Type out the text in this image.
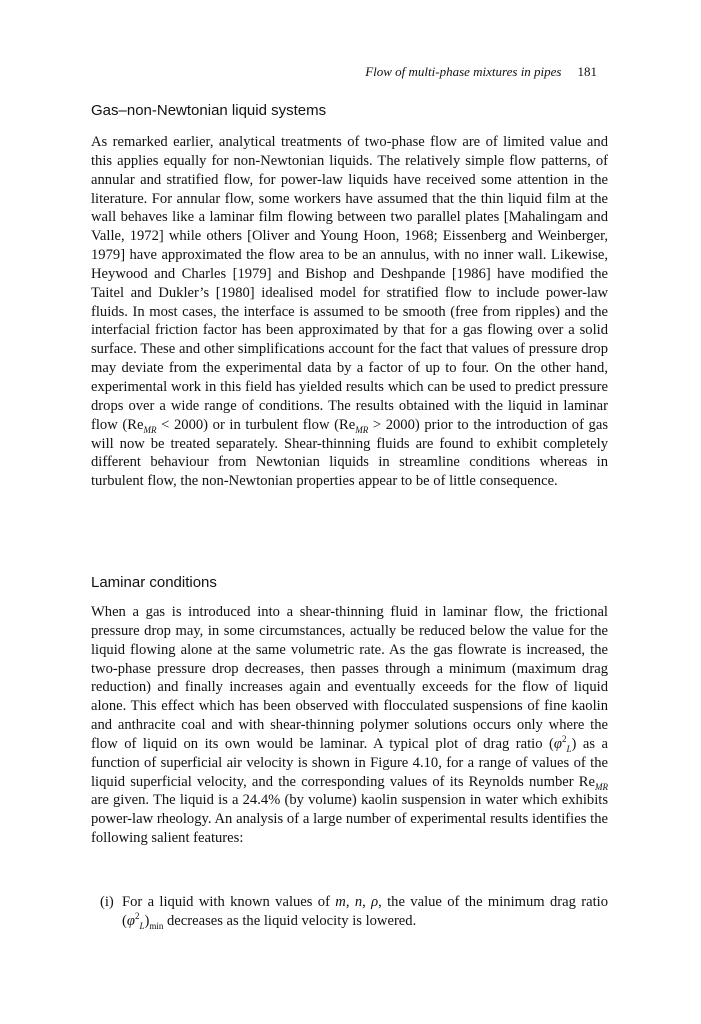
Flow of multi-phase mixtures in pipes 181
Gas–non-Newtonian liquid systems
As remarked earlier, analytical treatments of two-phase flow are of limited value and this applies equally for non-Newtonian liquids. The relatively simple flow patterns, of annular and stratified flow, for power-law liquids have received some attention in the literature. For annular flow, some workers have assumed that the thin liquid film at the wall behaves like a laminar film flowing between two parallel plates [Mahalingam and Valle, 1972] while others [Oliver and Young Hoon, 1968; Eissenberg and Weinberger, 1979] have approximated the flow area to be an annulus, with no inner wall. Likewise, Heywood and Charles [1979] and Bishop and Deshpande [1986] have modified the Taitel and Dukler’s [1980] idealised model for stratified flow to include power-law fluids. In most cases, the interface is assumed to be smooth (free from ripples) and the interfacial friction factor has been approximated by that for a gas flowing over a solid surface. These and other simplifications account for the fact that values of pressure drop may deviate from the experimental data by a factor of up to four. On the other hand, experimental work in this field has yielded results which can be used to predict pressure drops over a wide range of conditions. The results obtained with the liquid in laminar flow $(Re_{MR} < 2000)$ or in turbulent flow $(Re_{MR} > 2000)$ prior to the introduction of gas will now be treated separately. Shear-thinning fluids are found to exhibit completely different behaviour from Newtonian liquids in streamline conditions whereas in turbulent flow, the non-Newtonian properties appear to be of little consequence.
Laminar conditions
When a gas is introduced into a shear-thinning fluid in laminar flow, the frictional pressure drop may, in some circumstances, actually be reduced below the value for the liquid flowing alone at the same volumetric rate. As the gas flowrate is increased, the two-phase pressure drop decreases, then passes through a minimum (maximum drag reduction) and finally increases again and eventually exceeds for the flow of liquid alone. This effect which has been observed with flocculated suspensions of fine kaolin and anthracite coal and with shear-thinning polymer solutions occurs only where the flow of liquid on its own would be laminar. A typical plot of drag ratio $(\varphi^2_L)$ as a function of superficial air velocity is shown in Figure 4.10, for a range of values of the liquid superficial velocity, and the corresponding values of its Reynolds number $Re_{MR}$ are given. The liquid is a 24.4% (by volume) kaolin suspension in water which exhibits power-law rheology. An analysis of a large number of experimental results identifies the following salient features:
(i) For a liquid with known values of m, n, ρ, the value of the minimum drag ratio $(\varphi^2_L)_{min}$ decreases as the liquid velocity is lowered.
